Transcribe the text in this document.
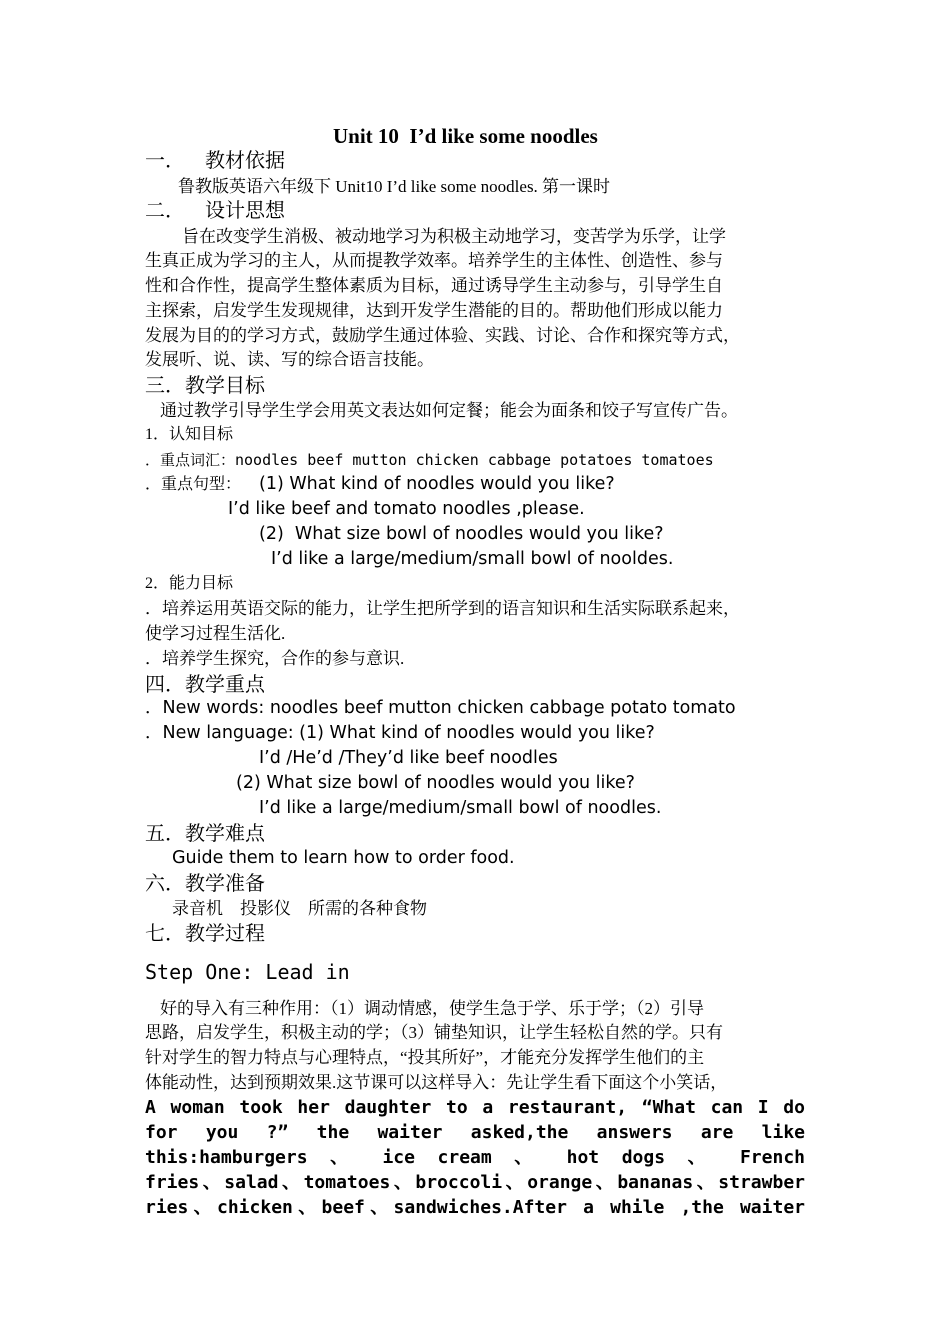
Unit 10  I’d like some noodles
一．    教材依据
鲁教版英语六年级下 Unit10 I’d like some noodles. 第一课时
二．    设计思想
旨在改变学生消极、被动地学习为积极主动地学习，变苦学为乐学，让学
生真正成为学习的主人，从而提教学效率。培养学生的主体性、创造性、参与
性和合作性，提高学生整体素质为目标，通过诱导学生主动参与，引导学生自
主探索，启发学生发现规律，达到开发学生潜能的目的。帮助他们形成以能力
发展为目的的学习方式，鼓励学生通过体验、实践、讨论、合作和探究等方式，
发展听、说、读、写的综合语言技能。
三．教学目标
通过教学引导学生学会用英文表达如何定餐；能会为面条和饺子写宣传广告。
1．认知目标
．重点词汇：noodles beef mutton chicken cabbage potatoes tomatoes
．重点句型： (1) What kind of noodles would you like?
I’d like beef and tomato noodles ,please.
(2)  What size bowl of noodles would you like?
I’d like a large/medium/small bowl of nooldes.
2．能力目标
．培养运用英语交际的能力，让学生把所学到的语言知识和生活实际联系起来，
使学习过程生活化.
．培养学生探究，合作的参与意识.
四．教学重点
．New words: noodles beef mutton chicken cabbage potato tomato
．New language: (1) What kind of noodles would you like?
I’d /He’d /They’d like beef noodles
(2) What size bowl of noodles would you like?
I’d like a large/medium/small bowl of noodles.
五．教学难点
Guide them to learn how to order food.
六．教学准备
录音机    投影仪    所需的各种食物
七．教学过程
Step One: Lead in
好的导入有三种作用：（1）调动情感，使学生急于学、乐于学；（2）引导
思路，启发学生，积极主动的学；（3）铺垫知识，让学生轻松自然的学。只有
针对学生的智力特点与心理特点，“投其所好”，才能充分发挥学生他们的主
体能动性，达到预期效果.这节课可以这样导入：先让学生看下面这个小笑话，
A woman took her daughter to a restaurant, “What can I do
for you ?” the waiter asked,the answers are like
this:hamburgers 、 ice cream 、 hot dogs 、 French
fries、salad、tomatoes、broccoli、orange、bananas、strawber
ries、chicken、beef、sandwiches.After a while ,the waiter
